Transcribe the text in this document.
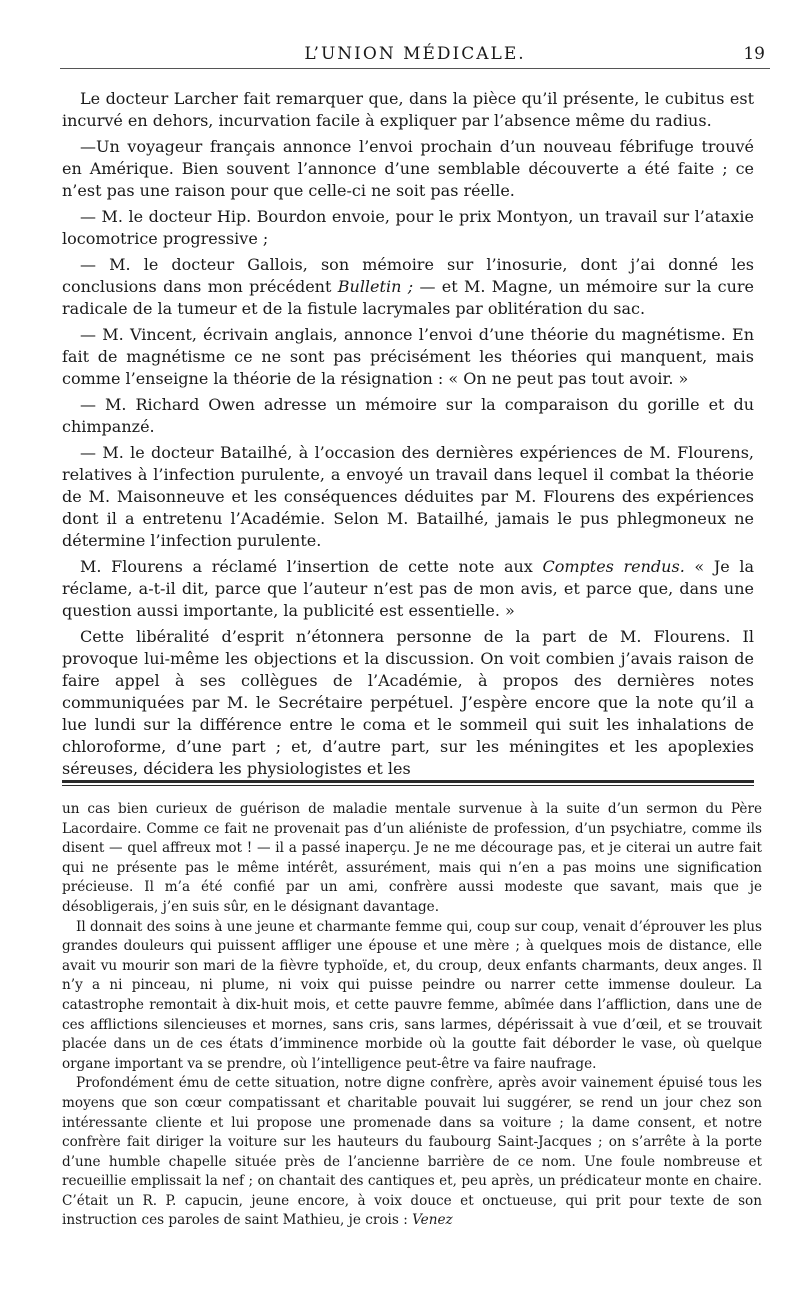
L’UNION MÉDICALE.	19

Le docteur Larcher fait remarquer que, dans la pièce qu’il présente, le cubitus est incurvé en dehors, incurvation facile à expliquer par l’absence même du radius.

—Un voyageur français annonce l’envoi prochain d’un nouveau fébrifuge trouvé en Amérique. Bien souvent l’annonce d’une semblable découverte a été faite ; ce n’est pas une raison pour que celle-ci ne soit pas réelle.

— M. le docteur Hip. Bourdon envoie, pour le prix Montyon, un travail sur l’ataxie locomotrice progressive ;

— M. le docteur Gallois, son mémoire sur l’inosurie, dont j’ai donné les conclusions dans mon précédent Bulletin ; — et M. Magne, un mémoire sur la cure radicale de la tumeur et de la fistule lacrymales par oblitération du sac.

— M. Vincent, écrivain anglais, annonce l’envoi d’une théorie du magnétisme. En fait de magnétisme ce ne sont pas précisément les théories qui manquent, mais comme l’enseigne la théorie de la résignation : « On ne peut pas tout avoir. »

— M. Richard Owen adresse un mémoire sur la comparaison du gorille et du chimpanzé.

— M. le docteur Batailhé, à l’occasion des dernières expériences de M. Flourens, relatives à l’infection purulente, a envoyé un travail dans lequel il combat la théorie de M. Maisonneuve et les conséquences déduites par M. Flourens des expériences dont il a entretenu l’Académie. Selon M. Batailhé, jamais le pus phlegmoneux ne détermine l’infection purulente.

M. Flourens a réclamé l’insertion de cette note aux Comptes rendus. « Je la réclame, a-t-il dit, parce que l’auteur n’est pas de mon avis, et parce que, dans une question aussi importante, la publicité est essentielle. »

Cette libéralité d’esprit n’étonnera personne de la part de M. Flourens. Il provoque lui-même les objections et la discussion. On voit combien j’avais raison de faire appel à ses collègues de l’Académie, à propos des dernières notes communiquées par M. le Secrétaire perpétuel. J’espère encore que la note qu’il a lue lundi sur la différence entre le coma et le sommeil qui suit les inhalations de chloroforme, d’une part ; et, d’autre part, sur les méningites et les apoplexies séreuses, décidera les physiologistes et les

un cas bien curieux de guérison de maladie mentale survenue à la suite d’un sermon du Père Lacordaire. Comme ce fait ne provenait pas d’un aliéniste de profession, d’un psychiatre, comme ils disent — quel affreux mot ! — il a passé inaperçu. Je ne me décourage pas, et je citerai un autre fait qui ne présente pas le même intérêt, assurément, mais qui n’en a pas moins une signification précieuse. Il m’a été confié par un ami, confrère aussi modeste que savant, mais que je désobligerais, j’en suis sûr, en le désignant davantage.

Il donnait des soins à une jeune et charmante femme qui, coup sur coup, venait d’éprouver les plus grandes douleurs qui puissent affliger une épouse et une mère ; à quelques mois de distance, elle avait vu mourir son mari de la fièvre typhoïde, et, du croup, deux enfants charmants, deux anges. Il n’y a ni pinceau, ni plume, ni voix qui puisse peindre ou narrer cette immense douleur. La catastrophe remontait à dix-huit mois, et cette pauvre femme, abîmée dans l’affliction, dans une de ces afflictions silencieuses et mornes, sans cris, sans larmes, dépérissait à vue d’œil, et se trouvait placée dans un de ces états d’imminence morbide où la goutte fait déborder le vase, où quelque organe important va se prendre, où l’intelligence peut-être va faire naufrage.

Profondément ému de cette situation, notre digne confrère, après avoir vainement épuisé tous les moyens que son cœur compatissant et charitable pouvait lui suggérer, se rend un jour chez son intéressante cliente et lui propose une promenade dans sa voiture ; la dame consent, et notre confrère fait diriger la voiture sur les hauteurs du faubourg Saint-Jacques ; on s’arrête à la porte d’une humble chapelle située près de l’ancienne barrière de ce nom. Une foule nombreuse et recueillie emplissait la nef ; on chantait des cantiques et, peu après, un prédicateur monte en chaire. C’était un R. P. capucin, jeune encore, à voix douce et onctueuse, qui prit pour texte de son instruction ces paroles de saint Mathieu, je crois : Venez
